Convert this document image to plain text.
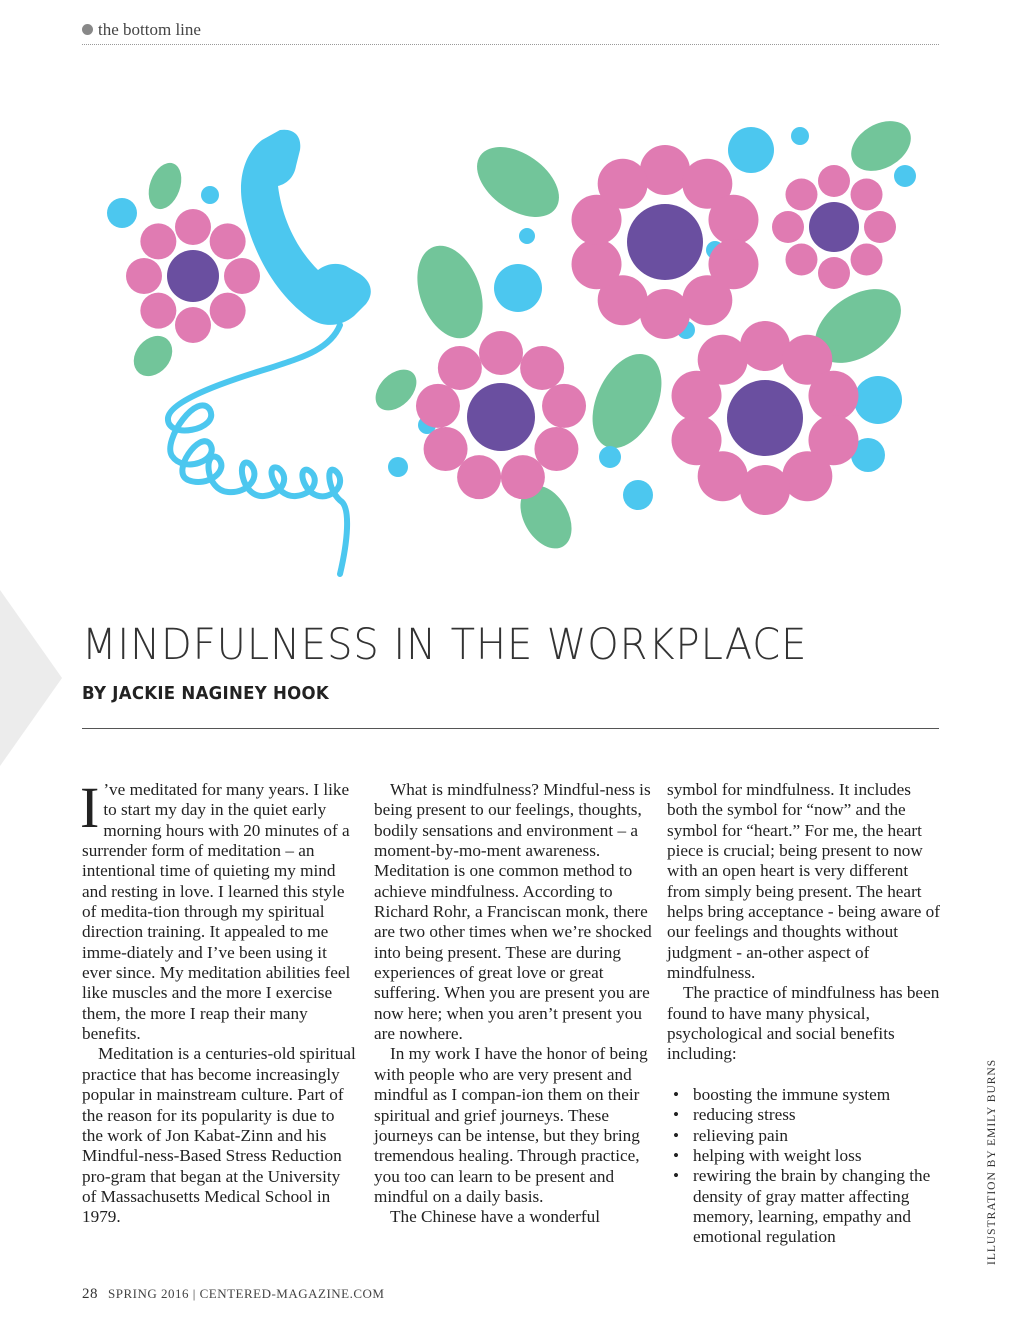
the bottom line
MINDFULNESS IN THE WORKPLACE
BY JACKIE NAGINEY HOOK

I ’ve meditated for many years. I like to start my day in the quiet early morning hours with 20 minutes of a surrender form of meditation – an intentional time of quieting my mind and resting in love. I learned this style of medita-tion through my spiritual direction training. It appealed to me imme-diately and I’ve been using it ever since. My meditation abilities feel like muscles and the more I exercise them, the more I reap their many benefits.

Meditation is a centuries-old spiritual practice that has become increasingly popular in mainstream culture. Part of the reason for its popularity is due to the work of Jon Kabat-Zinn and his Mindful-ness-Based Stress Reduction pro-gram that began at the University of Massachusetts Medical School in 1979.

What is mindfulness? Mindful-ness is being present to our feelings, thoughts, bodily sensations and environment – a moment-by-mo-ment awareness. Meditation is one common method to achieve mindfulness. According to Richard Rohr, a Franciscan monk, there are two other times when we’re shocked into being present. These are during experiences of great love or great suffering. When you are present you are now here; when you aren’t present you are nowhere.

In my work I have the honor of being with people who are very present and mindful as I compan-ion them on their spiritual and grief journeys. These journeys can be intense, but they bring tremendous healing. Through practice, you too can learn to be present and mindful on a daily basis.

The Chinese have a wonderful

symbol for mindfulness. It includes both the symbol for “now” and the symbol for “heart.” For me, the heart piece is crucial; being present to now with an open heart is very different from simply being present. The heart helps bring acceptance - being aware of our feelings and thoughts without judgment - an-other aspect of mindfulness.

The practice of mindfulness has been found to have many physical, psychological and social benefits including:

• boosting the immune system
• reducing stress
• relieving pain
• helping with weight loss
• rewiring the brain by changing the density of gray matter affecting memory, learning, empathy and emotional regulation	ILLUSTRATION BY EMILY BURNS
28 SPRING 2016 | CENTERED-MAGAZINE.COM
